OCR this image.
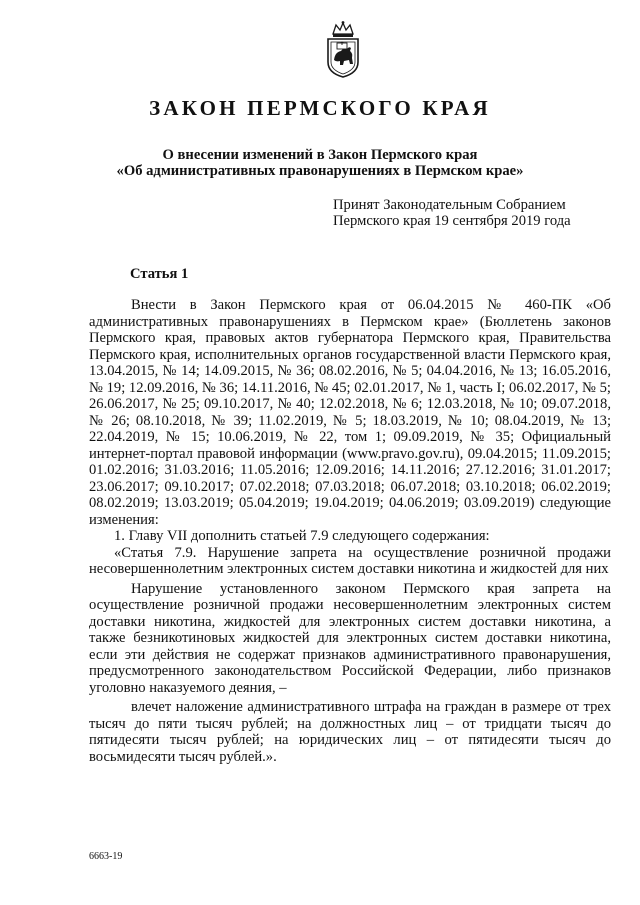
ЗАКОН ПЕРМСКОГО КРАЯ
О внесении изменений в Закон Пермского края
«Об административных правонарушениях в Пермском крае»
Принят Законодательным Собранием
Пермского края 19 сентября 2019 года
Статья 1

Внести в Закон Пермского края от 06.04.2015 № 460-ПК «Об административных правонарушениях в Пермском крае» (Бюллетень законов Пермского края, правовых актов губернатора Пермского края, Правительства Пермского края, исполнительных органов государственной власти Пермского края, 13.04.2015, № 14; 14.09.2015, № 36; 08.02.2016, № 5; 04.04.2016, № 13; 16.05.2016, № 19; 12.09.2016, № 36; 14.11.2016, № 45; 02.01.2017, № 1, часть I; 06.02.2017, № 5; 26.06.2017, № 25; 09.10.2017, № 40; 12.02.2018, № 6; 12.03.2018, № 10; 09.07.2018, № 26; 08.10.2018, № 39; 11.02.2019, № 5; 18.03.2019, № 10; 08.04.2019, № 13; 22.04.2019, № 15; 10.06.2019, № 22, том 1; 09.09.2019, № 35; Официальный интернет-портал правовой информации (www.pravo.gov.ru), 09.04.2015; 11.09.2015; 01.02.2016; 31.03.2016; 11.05.2016; 12.09.2016; 14.11.2016; 27.12.2016; 31.01.2017; 23.06.2017; 09.10.2017; 07.02.2018; 07.03.2018; 06.07.2018; 03.10.2018; 06.02.2019; 08.02.2019; 13.03.2019; 05.04.2019; 19.04.2019; 04.06.2019; 03.09.2019) следующие изменения:

1. Главу VII дополнить статьей 7.9 следующего содержания:

«Статья 7.9. Нарушение запрета на осуществление розничной продажи несовершеннолетним электронных систем доставки никотина и жидкостей для них

Нарушение установленного законом Пермского края запрета на осуществление розничной продажи несовершеннолетним электронных систем доставки никотина, жидкостей для электронных систем доставки никотина, а также безникотиновых жидкостей для электронных систем доставки никотина, если эти действия не содержат признаков административного правонарушения, предусмотренного законодательством Российской Федерации, либо признаков уголовно наказуемого деяния, –

влечет наложение административного штрафа на граждан в размере от трех тысяч до пяти тысяч рублей; на должностных лиц – от тридцати тысяч до пятидесяти тысяч рублей; на юридических лиц – от пятидесяти тысяч до восьмидесяти тысяч рублей.».

6663-19
